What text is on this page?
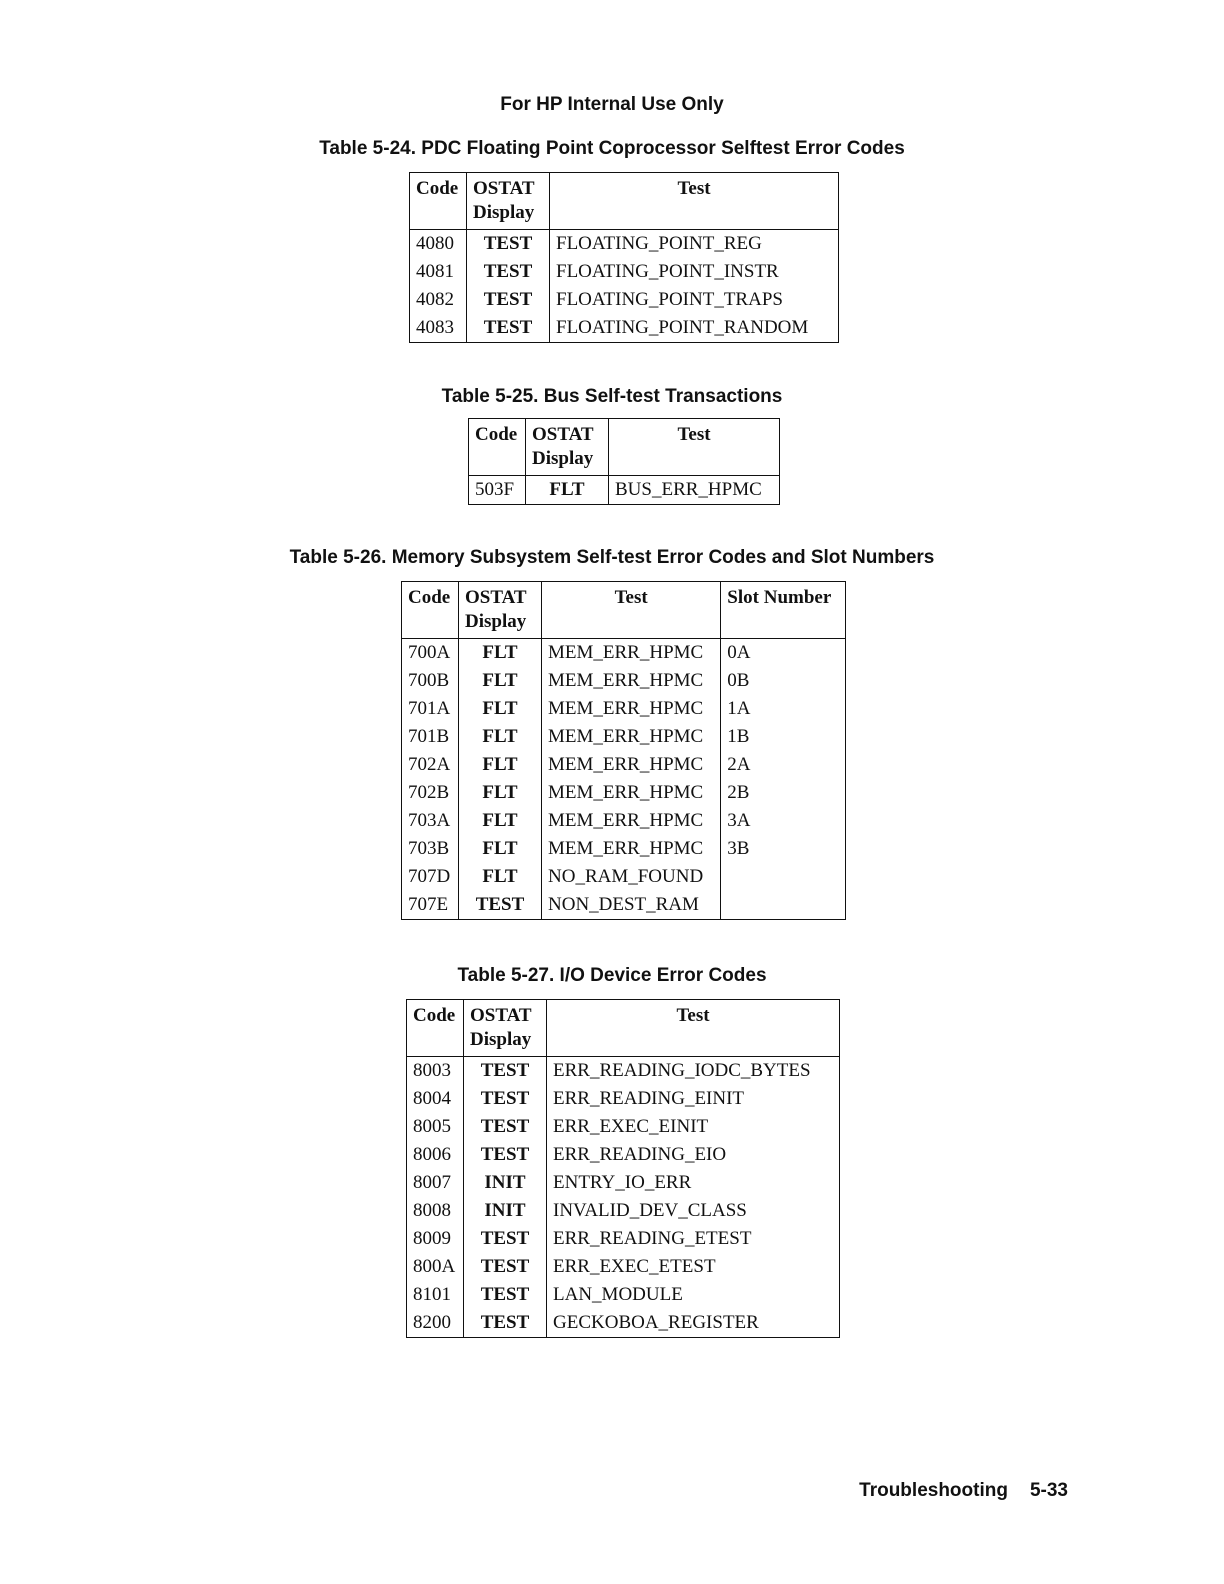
For HP Internal Use Only
Table 5-24. PDC Floating Point Coprocessor Selftest Error Codes
Code	OSTAT Display	Test
4080	TEST	FLOATING_POINT_REG
4081	TEST	FLOATING_POINT_INSTR
4082	TEST	FLOATING_POINT_TRAPS
4083	TEST	FLOATING_POINT_RANDOM
Table 5-25. Bus Self-test Transactions
Code	OSTAT Display	Test
503F	FLT	BUS_ERR_HPMC
Table 5-26. Memory Subsystem Self-test Error Codes and Slot Numbers
Code	OSTAT Display	Test	Slot Number
700A	FLT	MEM_ERR_HPMC	0A
700B	FLT	MEM_ERR_HPMC	0B
701A	FLT	MEM_ERR_HPMC	1A
701B	FLT	MEM_ERR_HPMC	1B
702A	FLT	MEM_ERR_HPMC	2A
702B	FLT	MEM_ERR_HPMC	2B
703A	FLT	MEM_ERR_HPMC	3A
703B	FLT	MEM_ERR_HPMC	3B
707D	FLT	NO_RAM_FOUND	
707E	TEST	NON_DEST_RAM	
Table 5-27. I/O Device Error Codes
Code	OSTAT Display	Test
8003	TEST	ERR_READING_IODC_BYTES
8004	TEST	ERR_READING_EINIT
8005	TEST	ERR_EXEC_EINIT
8006	TEST	ERR_READING_EIO
8007	INIT	ENTRY_IO_ERR
8008	INIT	INVALID_DEV_CLASS
8009	TEST	ERR_READING_ETEST
800A	TEST	ERR_EXEC_ETEST
8101	TEST	LAN_MODULE
8200	TEST	GECKOBOA_REGISTER
Troubleshooting 5-33
